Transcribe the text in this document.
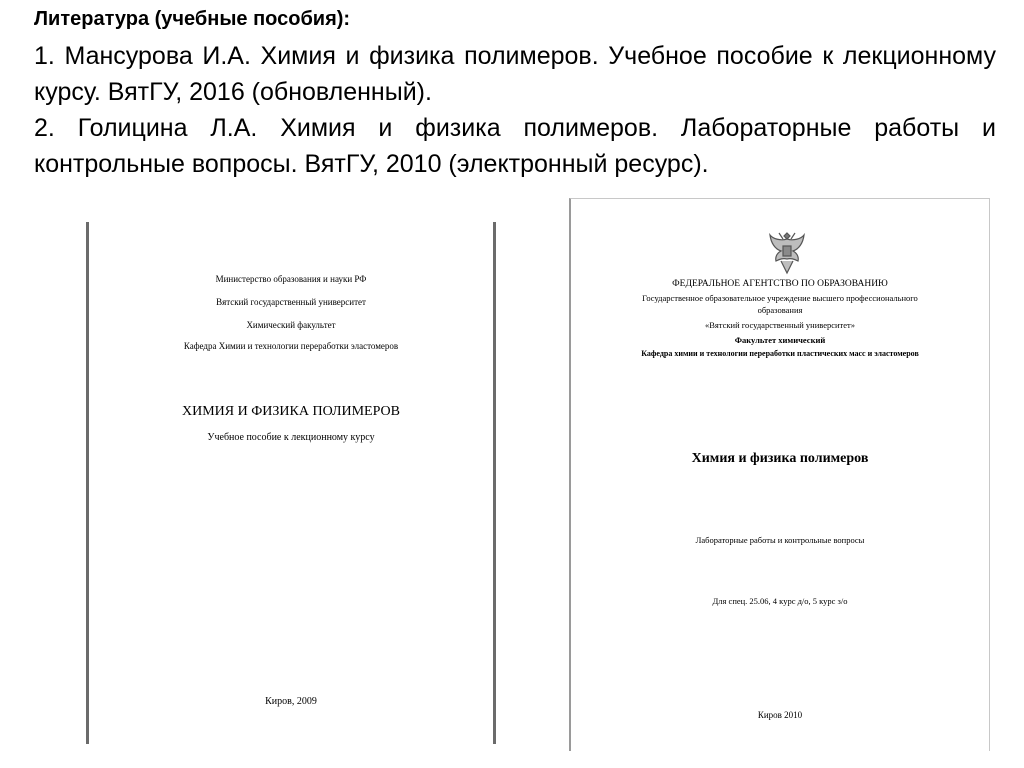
Литература (учебные пособия):

1. Мансурова И.А. Химия и физика полимеров. Учебное пособие к лекционному курсу. ВятГУ, 2016 (обновленный).

2. Голицина Л.А. Химия и физика полимеров. Лабораторные работы и контрольные вопросы. ВятГУ, 2010 (электронный ресурс).

Министерство образования и науки РФ
Вятский государственный университет
Химический факультет
Кафедра Химии и технологии переработки эластомеров
ХИМИЯ И ФИЗИКА ПОЛИМЕРОВ
Учебное пособие к лекционному курсу
Киров, 2009
ФЕДЕРАЛЬНОЕ АГЕНТСТВО ПО ОБРАЗОВАНИЮ
Государственное образовательное учреждение высшего профессионального
образования
«Вятский государственный университет»
Факультет химический
Кафедра химии и технологии переработки пластических масс и эластомеров
Химия и физика полимеров
Лабораторные работы и контрольные вопросы
Для спец. 25.06, 4 курс д/о, 5 курс з/о
Киров 2010
